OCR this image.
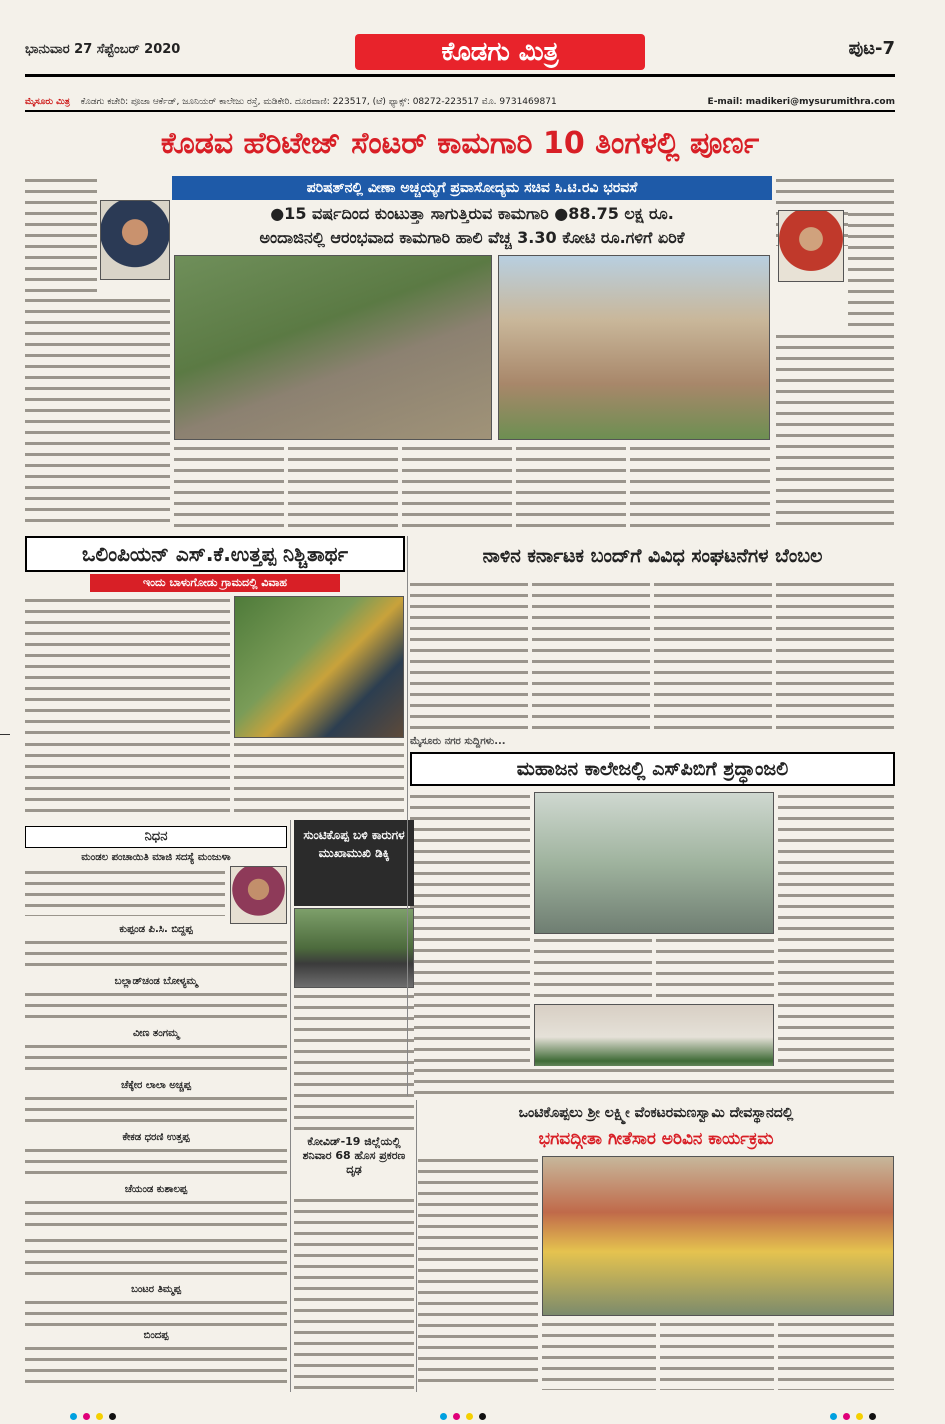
ಭಾನುವಾರ 27 ಸೆಪ್ಟೆಂಬರ್ 2020	ಕೊಡಗು ಮಿತ್ರ	ಪುಟ-7
ಮೈಸೂರು ಮಿತ್ರ ಕೊಡಗು ಕಚೇರಿ: ಪೂಜಾ ಆರ್ಕೆಡ್, ಜೂನಿಯರ್ ಕಾಲೇಜು ರಸ್ತೆ, ಮಡಿಕೇರಿ. ದೂರವಾಣಿ: 223517, (ಟೆ) ಫ್ಯಾಕ್ಸ್: 08272-223517 ಮೊ. 9731469871	E-mail: madikeri@mysurumithra.com
ಕೊಡವ ಹೆರಿಟೇಜ್ ಸೆಂಟರ್ ಕಾಮಗಾರಿ 10 ತಿಂಗಳಲ್ಲಿ ಪೂರ್ಣ
ಪರಿಷತ್‌ನಲ್ಲಿ ವೀಣಾ ಅಚ್ಚಯ್ಯಗೆ ಪ್ರವಾಸೋದ್ಯಮ ಸಚಿವ ಸಿ.ಟಿ.ರವಿ ಭರವಸೆ
●15 ವರ್ಷದಿಂದ ಕುಂಟುತ್ತಾ ಸಾಗುತ್ತಿರುವ ಕಾಮಗಾರಿ ●88.75 ಲಕ್ಷ ರೂ.
ಅಂದಾಜಿನಲ್ಲಿ ಆರಂಭವಾದ ಕಾಮಗಾರಿ ಹಾಲಿ ವೆಚ್ಚ 3.30 ಕೋಟಿ ರೂ.ಗಳಿಗೆ ಏರಿಕೆ
ಒಲಿಂಪಿಯನ್ ಎಸ್.ಕೆ.ಉತ್ತಪ್ಪ ನಿಶ್ಚಿತಾರ್ಥ
ಇಂದು ಬಾಳುಗೋಡು ಗ್ರಾಮದಲ್ಲಿ ವಿವಾಹ
ನಾಳಿನ ಕರ್ನಾಟಕ ಬಂದ್‌ಗೆ ವಿವಿಧ ಸಂಘಟನೆಗಳ ಬೆಂಬಲ
ಮೈಸೂರು ನಗರ ಸುದ್ದಿಗಳು...
ಮಹಾಜನ ಕಾಲೇಜಲ್ಲಿ ಎಸ್‌ಪಿಬಿಗೆ ಶ್ರದ್ಧಾಂಜಲಿ
ನಿಧನ
ಮಂಡಲ ಪಂಚಾಯಿತಿ ಮಾಜಿ ಸದಸ್ಯೆ ಮಂಜುಳಾ
ಕುಪ್ಪಂಡ ಪಿ.ಸಿ. ಬಿದ್ದಪ್ಪ
ಬಲ್ಲಾಡ್‌ಚಂಡ ಬೋಳ್ಯಮ್ಮ
ವೀಣ ತಂಗಮ್ಮ
ಚೆಕ್ಕೇರ ಲಾಲಾ ಅಚ್ಚಪ್ಪ
ಕೇಕಡ ಧರಣಿ ಉತ್ತಪ್ಪ
ಚೆಯಂಡ ಕುಶಾಲಪ್ಪ
ಬಂಟರ ತಿಮ್ಮಪ್ಪ
ಬಿಂದಪ್ಪ
ಸುಂಟಿಕೊಪ್ಪ ಬಳಿ ಕಾರುಗಳ ಮುಖಾಮುಖಿ ಡಿಕ್ಕಿ
ಕೋವಿಡ್-19 ಜಿಲ್ಲೆಯಲ್ಲಿ ಶನಿವಾರ 68 ಹೊಸ ಪ್ರಕರಣ ದೃಢ
ಒಂಟಿಕೊಪ್ಪಲು ಶ್ರೀ ಲಕ್ಷ್ಮೀ ವೆಂಕಟರಮಣಸ್ವಾಮಿ ದೇವಸ್ಥಾನದಲ್ಲಿ
ಭಗವದ್ಗೀತಾ ಗೀತೆಸಾರ ಅರಿವಿನ ಕಾರ್ಯಕ್ರಮ
